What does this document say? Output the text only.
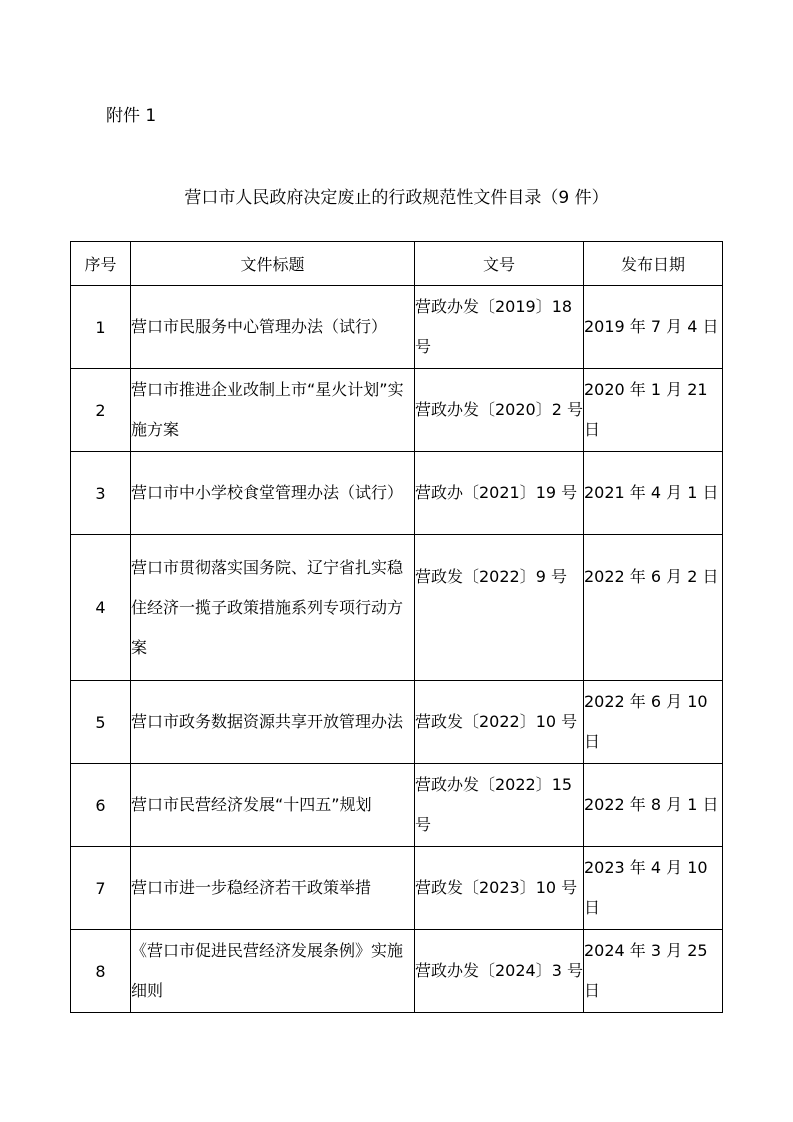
附件 1
营口市人民政府决定废止的行政规范性文件目录（9 件）
序号	文件标题	文号	发布日期
1	营口市民服务中心管理办法（试行）	营政办发〔2019〕18 号	2019 年 7 月 4 日
2	营口市推进企业改制上市“星火计划”实施方案	营政办发〔2020〕2 号	2020 年 1 月 21 日
3	营口市中小学校食堂管理办法（试行）	营政办〔2021〕19 号	2021 年 4 月 1 日
4	营口市贯彻落实国务院、辽宁省扎实稳住经济一揽子政策措施系列专项行动方案	营政发〔2022〕9 号	2022 年 6 月 2 日
5	营口市政务数据资源共享开放管理办法	营政发〔2022〕10 号	2022 年 6 月 10 日
6	营口市民营经济发展“十四五”规划	营政办发〔2022〕15 号	2022 年 8 月 1 日
7	营口市进一步稳经济若干政策举措	营政发〔2023〕10 号	2023 年 4 月 10 日
8	《营口市促进民营经济发展条例》实施细则	营政办发〔2024〕3 号	2024 年 3 月 25 日
